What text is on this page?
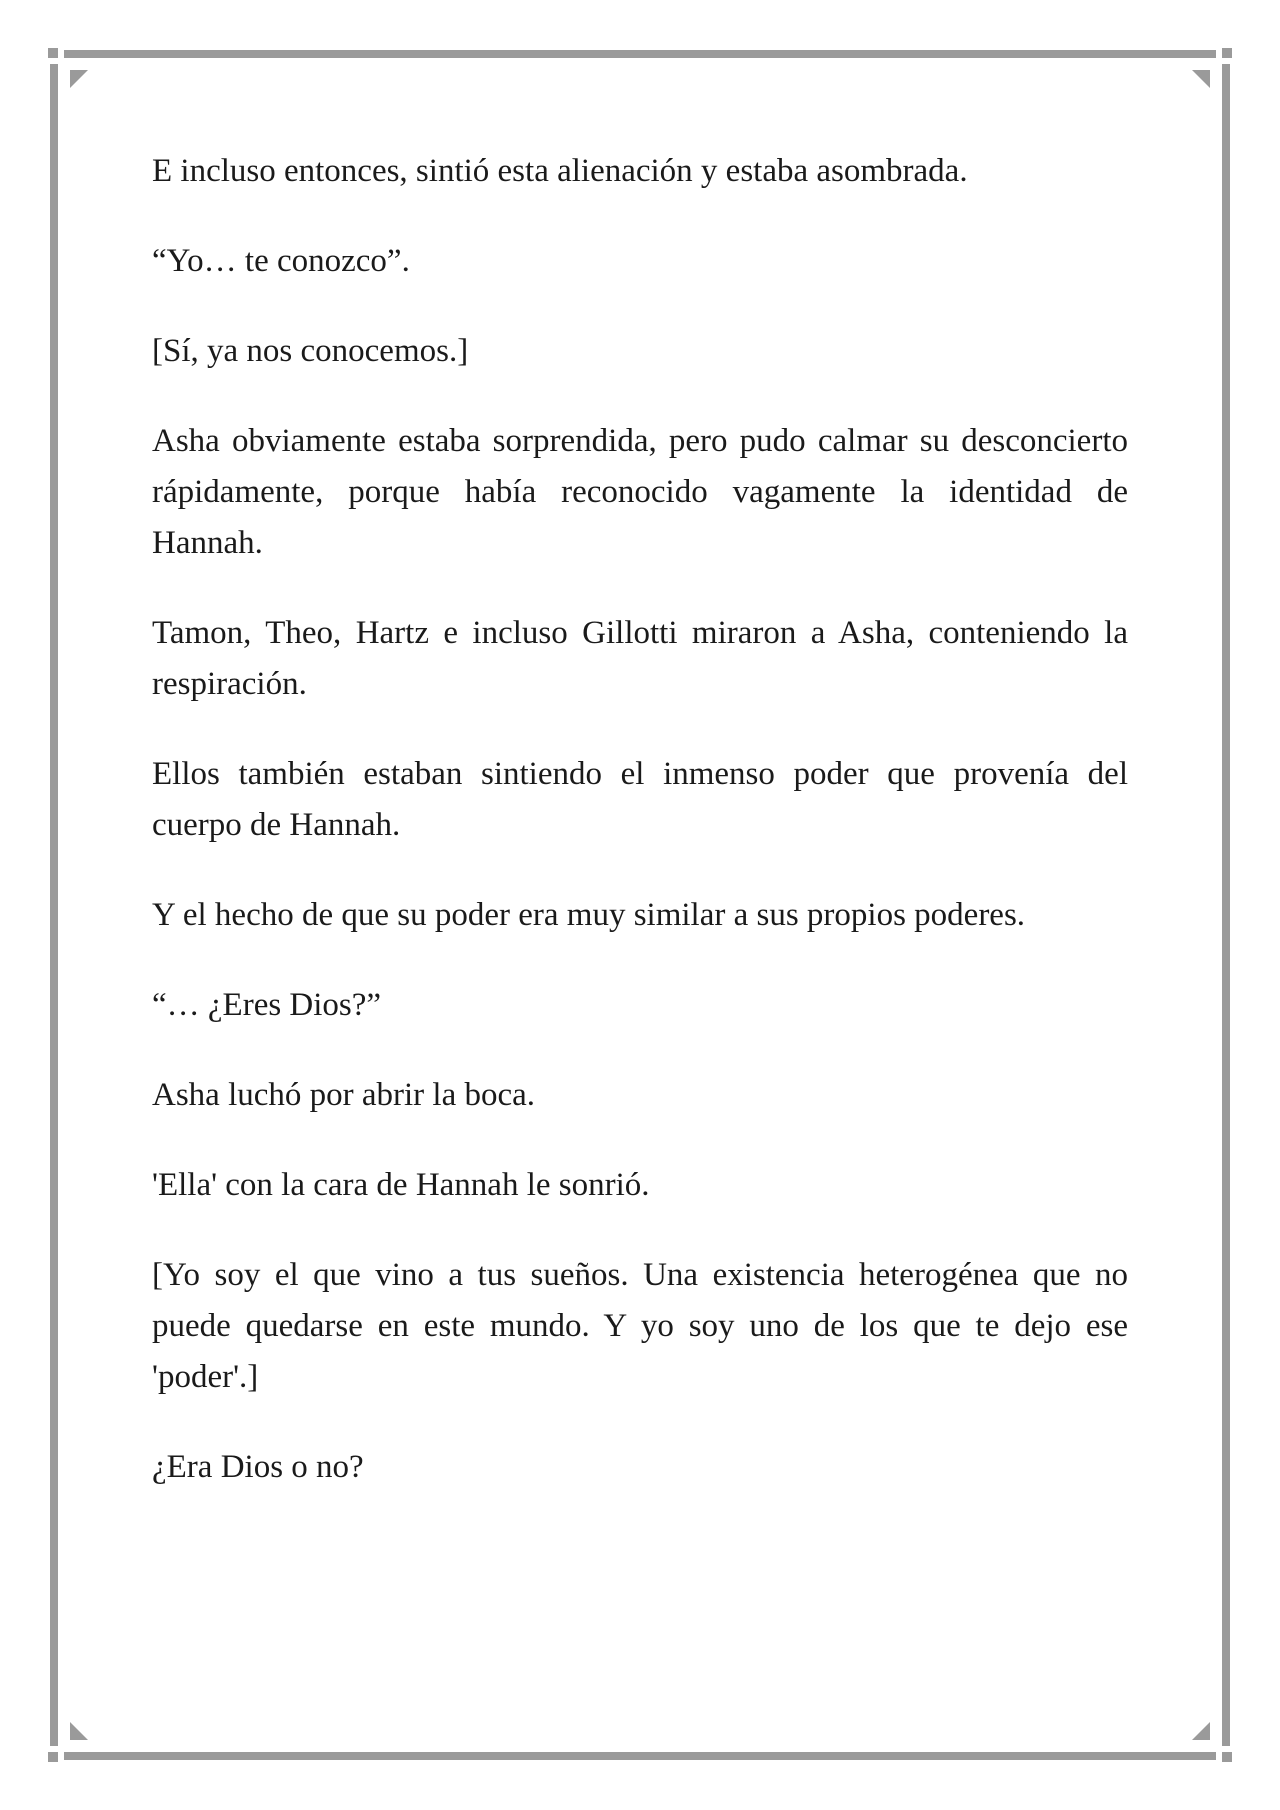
E incluso entonces, sintió esta alienación y estaba asombrada.

“Yo… te conozco”.

[Sí, ya nos conocemos.]

Asha obviamente estaba sorprendida, pero pudo calmar su desconcierto rápidamente, porque había reconocido vagamente la identidad de Hannah.

Tamon, Theo, Hartz e incluso Gillotti miraron a Asha, conteniendo la respiración.

Ellos también estaban sintiendo el inmenso poder que provenía del cuerpo de Hannah.

Y el hecho de que su poder era muy similar a sus propios poderes.

“… ¿Eres Dios?”

Asha luchó por abrir la boca.

'Ella' con la cara de Hannah le sonrió.

[Yo soy el que vino a tus sueños. Una existencia heterogénea que no puede quedarse en este mundo. Y yo soy uno de los que te dejo ese 'poder'.]

¿Era Dios o no?
